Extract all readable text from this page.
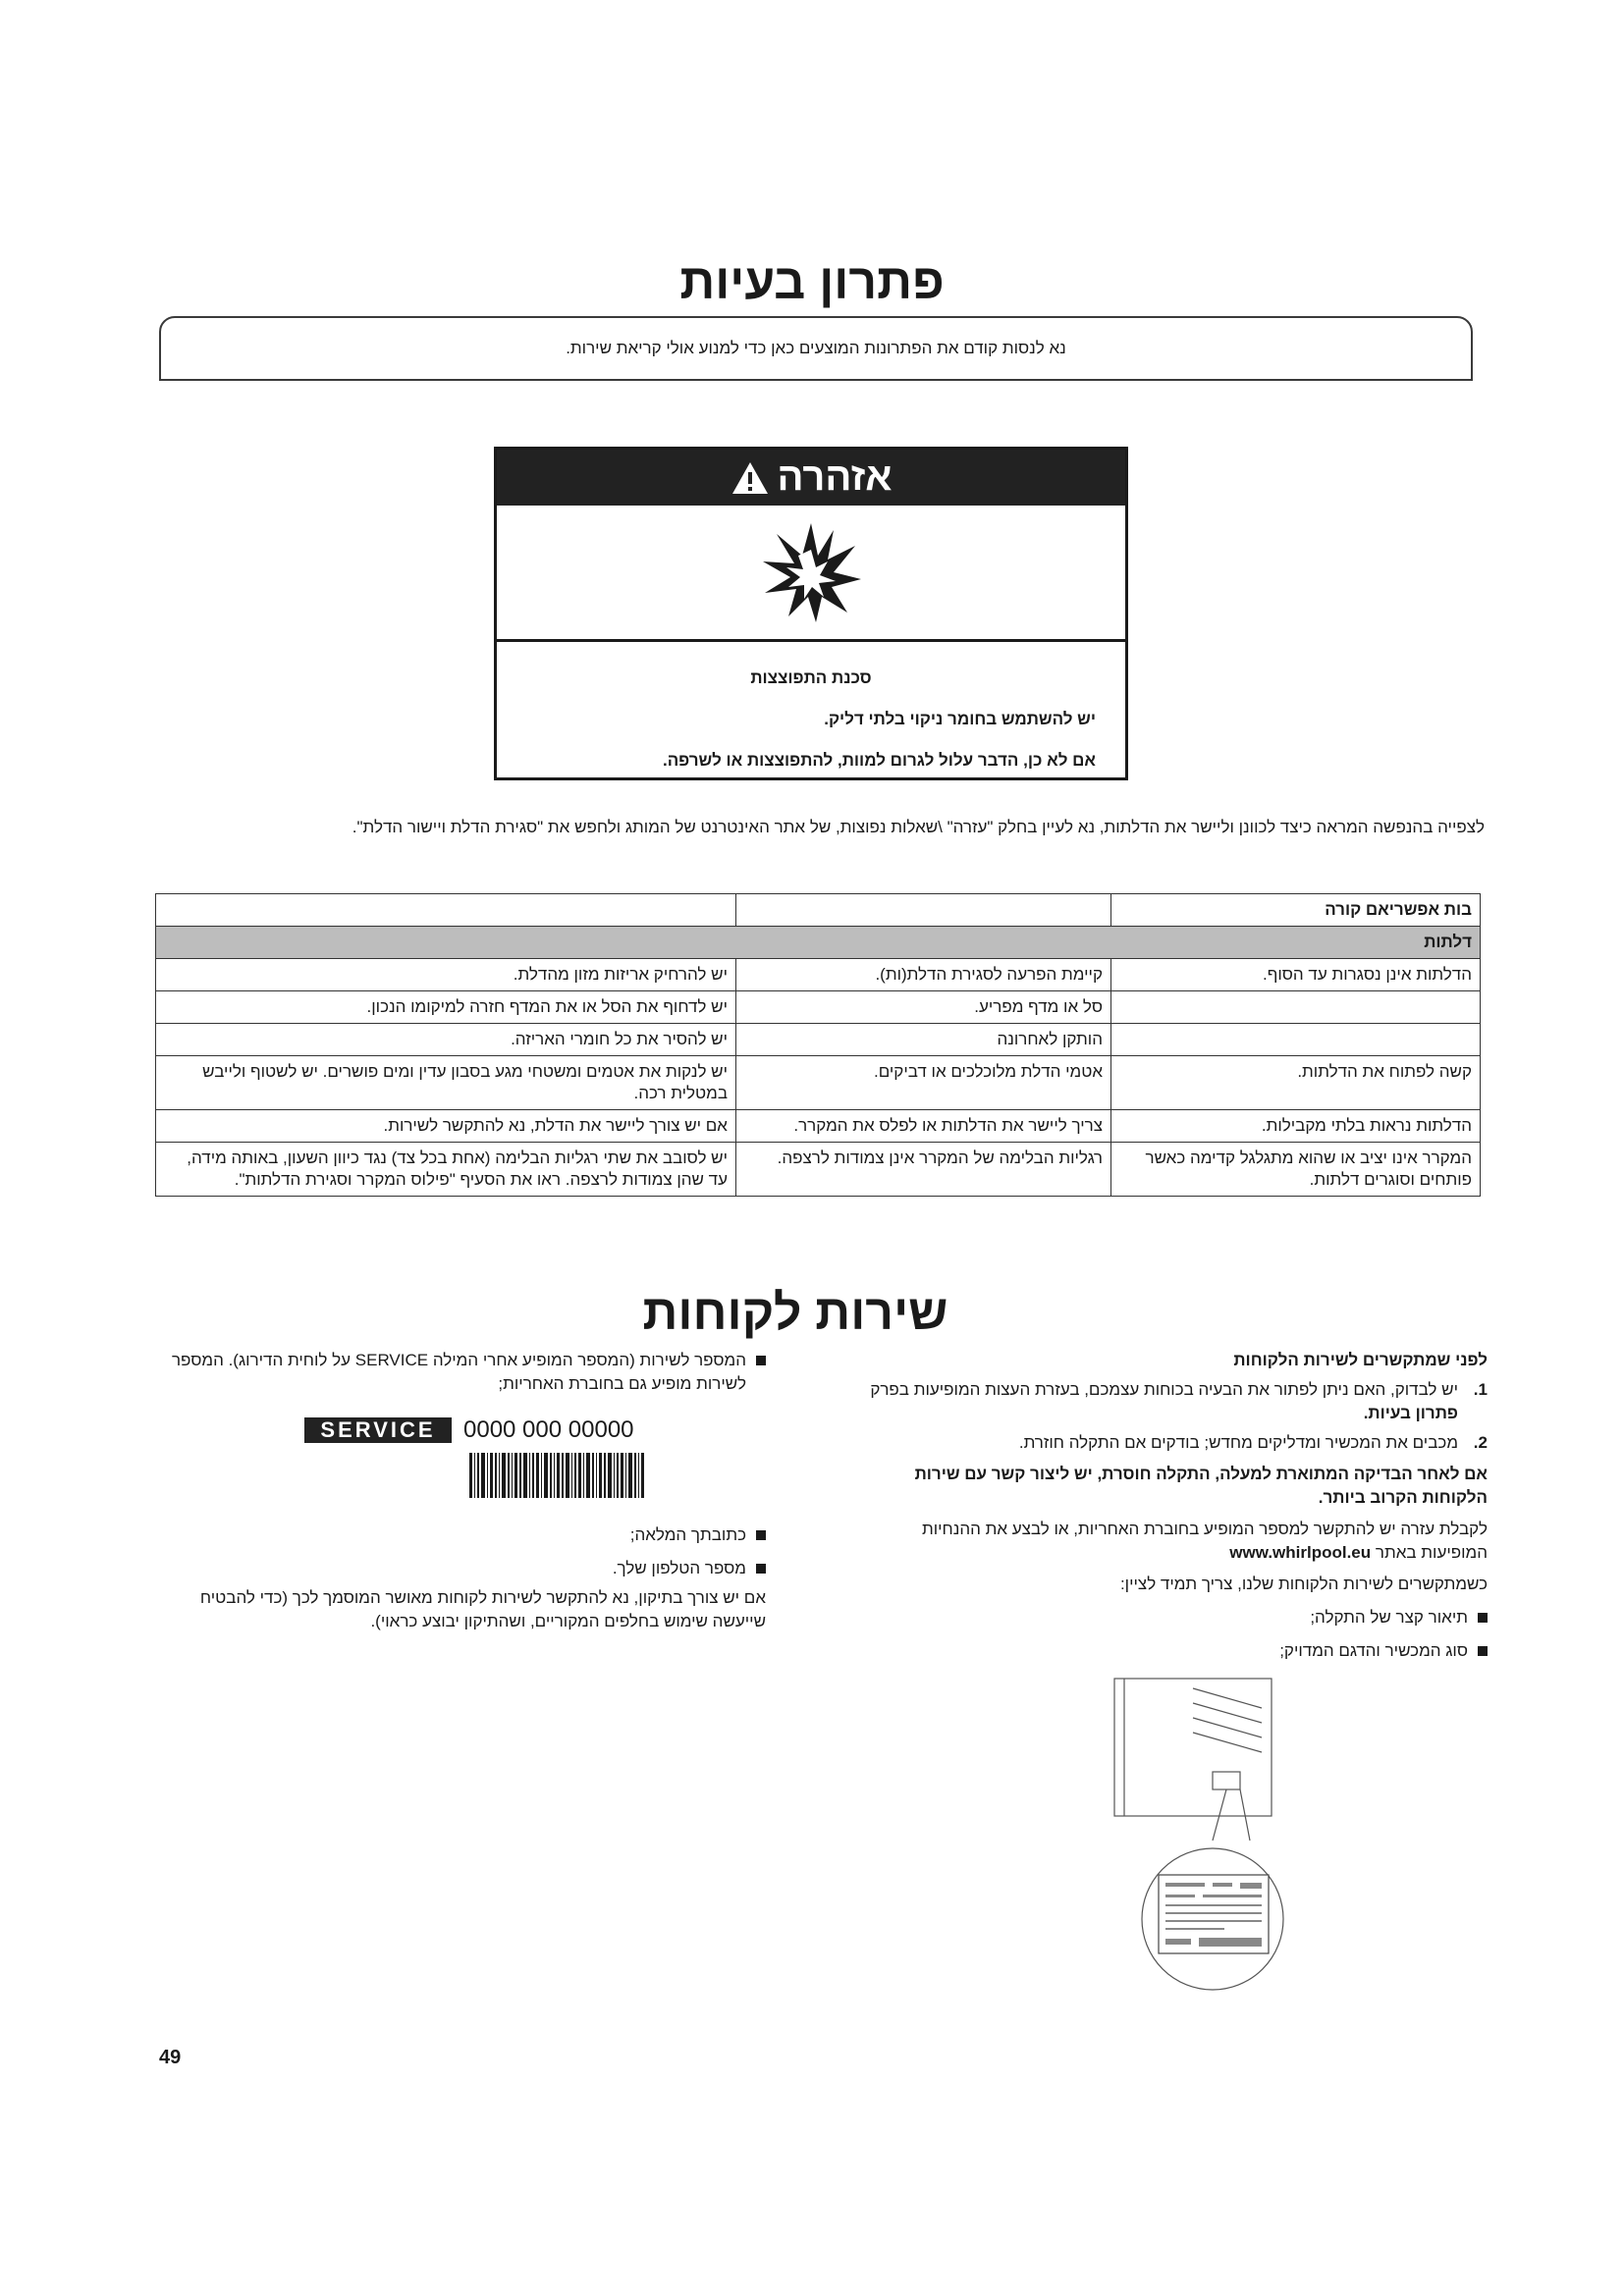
פתרון בעיות
נא לנסות קודם את הפתרונות המוצעים כאן כדי למנוע אולי קריאת שירות.
אזהרה
סכנת התפוצצות
יש להשתמש בחומר ניקוי בלתי דליק.
אם לא כן, הדבר עלול לגרום למוות, להתפוצצות או לשרפה.
לצפייה בהנפשה המראה כיצד לכוונן וליישר את הדלתות, נא לעיין בחלק "עזרה" \שאלות נפוצות, של אתר האינטרנט של המותג ולחפש את "סגירת הדלת ויישור הדלת".
בות אפשריאם קורה		
דלתות		
הדלתות אינן נסגרות עד הסוף.	קיימת הפרעה לסגירת הדלת(ות).	יש להרחיק אריזות מזון מהדלת.
	סל או מדף מפריע.	יש לדחוף את הסל או את המדף חזרה למיקומו הנכון.
	הותקן לאחרונה	יש להסיר את כל חומרי האריזה.
קשה לפתוח את הדלתות.	אטמי הדלת מלוכלכים או דביקים.	יש לנקות את אטמים ומשטחי מגע בסבון עדין ומים פושרים. יש לשטוף ולייבש במטלית רכה.
הדלתות נראות בלתי מקבילות.	צריך ליישר את הדלתות או לפלס את המקרר.	אם יש צורך ליישר את הדלת, נא להתקשר לשירות.
המקרר אינו יציב או שהוא מתגלגל קדימה כאשר פותחים וסוגרים דלתות.	רגליות הבלימה של המקרר אינן צמודות לרצפה.	יש לסובב את שתי רגליות הבלימה (אחת בכל צד) נגד כיוון השעון, באותה מידה, עד שהן צמודות לרצפה. ראו את הסעיף "פילוס המקרר וסגירת הדלתות".
שירות לקוחות
לפני שמתקשרים לשירות הלקוחות
1.
יש לבדוק, האם ניתן לפתור את הבעיה בכוחות עצמכם, בעזרת העצות המופיעות בפרק פתרון בעיות.
2.
מכבים את המכשיר ומדליקים מחדש; בודקים אם התקלה חוזרת.
אם לאחר הבדיקה המתוארת למעלה, התקלה חוסרת, יש ליצור קשר עם שירות הלקוחות הקרוב ביותר.

לקבלת עזרה יש להתקשר למספר המופיע בחוברת האחריות, או לבצע את ההנחיות המופיעות באתר www.whirlpool.eu

כשמתקשרים לשירות הלקוחות שלנו, צריך תמיד לציין:

תיאור קצר של התקלה;
סוג המכשיר והדגם המדויק;
המספר לשירות (המספר המופיע אחרי המילה SERVICE על לוחית הדירוג). המספר לשירות מופיע גם בחוברת האחריות;
כתובתך המלאה;
מספר הטלפון שלך.

אם יש צורך בתיקון, נא להתקשר לשירות לקוחות מאושר המוסמך לכך (כדי להבטיח שייעשה שימוש בחלפים המקוריים, ושהתיקון יבוצע כראוי).

SERVICE	0000 000 00000
49
